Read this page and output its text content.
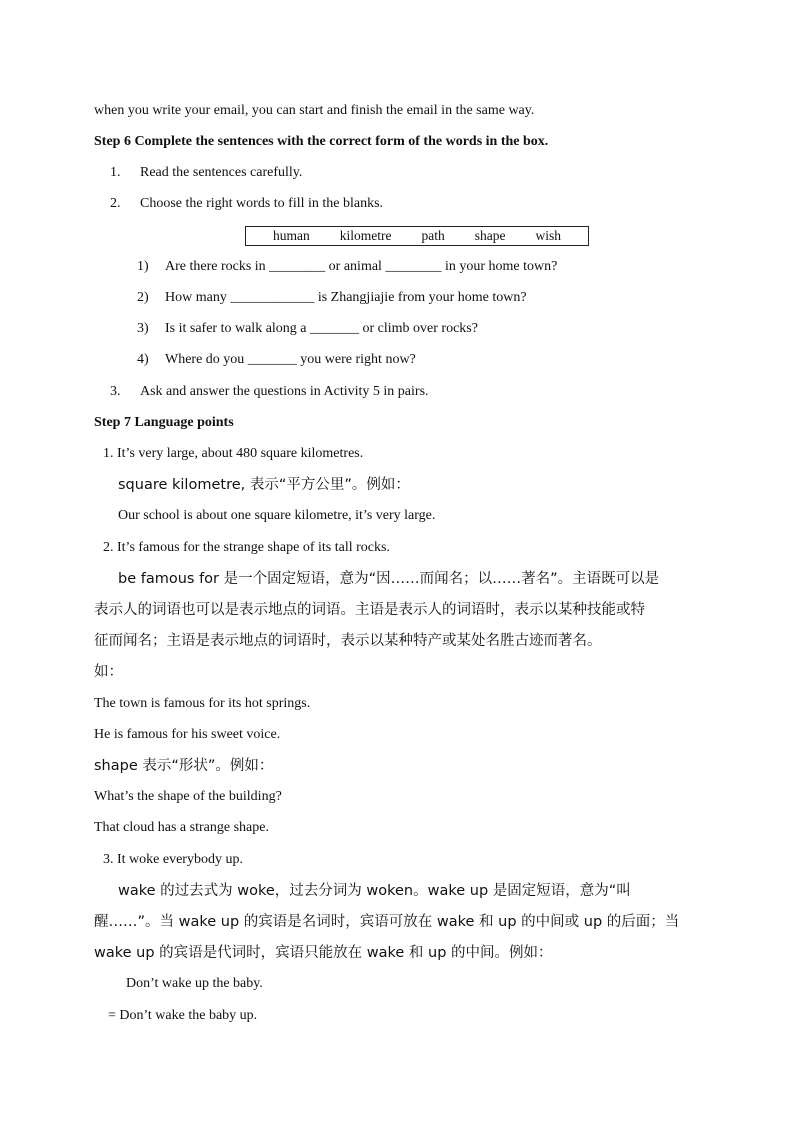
when you write your email, you can start and finish the email in the same way.
Step 6 Complete the sentences with the correct form of the words in the box.
1. Read the sentences carefully.
2. Choose the right words to fill in the blanks.
human kilometre path shape wish
1) Are there rocks in ________ or animal ________ in your home town?
2) How many ____________ is Zhangjiajie from your home town?
3) Is it safer to walk along a _______ or climb over rocks?
4) Where do you _______ you were right now?
3. Ask and answer the questions in Activity 5 in pairs.
Step 7 Language points
1. It’s very large, about 480 square kilometres.
square kilometre, 表示“平方公里”。例如：
Our school is about one square kilometre, it’s very large.
2. It’s famous for the strange shape of its tall rocks.
be famous for 是一个固定短语，意为“因……而闻名；以……著名”。主语既可以是
表示人的词语也可以是表示地点的词语。主语是表示人的词语时，表示以某种技能或特
征而闻名；主语是表示地点的词语时，表示以某种特产或某处名胜古迹而著名。
如：
The town is famous for its hot springs.
He is famous for his sweet voice.
shape 表示“形状”。例如：
What’s the shape of the building?
That cloud has a strange shape.
3. It woke everybody up.
wake 的过去式为 woke，过去分词为 woken。wake up 是固定短语，意为“叫
醒……”。当 wake up 的宾语是名词时，宾语可放在 wake 和 up 的中间或 up 的后面；当
wake up 的宾语是代词时，宾语只能放在 wake 和 up 的中间。例如：
Don’t wake up the baby.
= Don’t wake the baby up.
